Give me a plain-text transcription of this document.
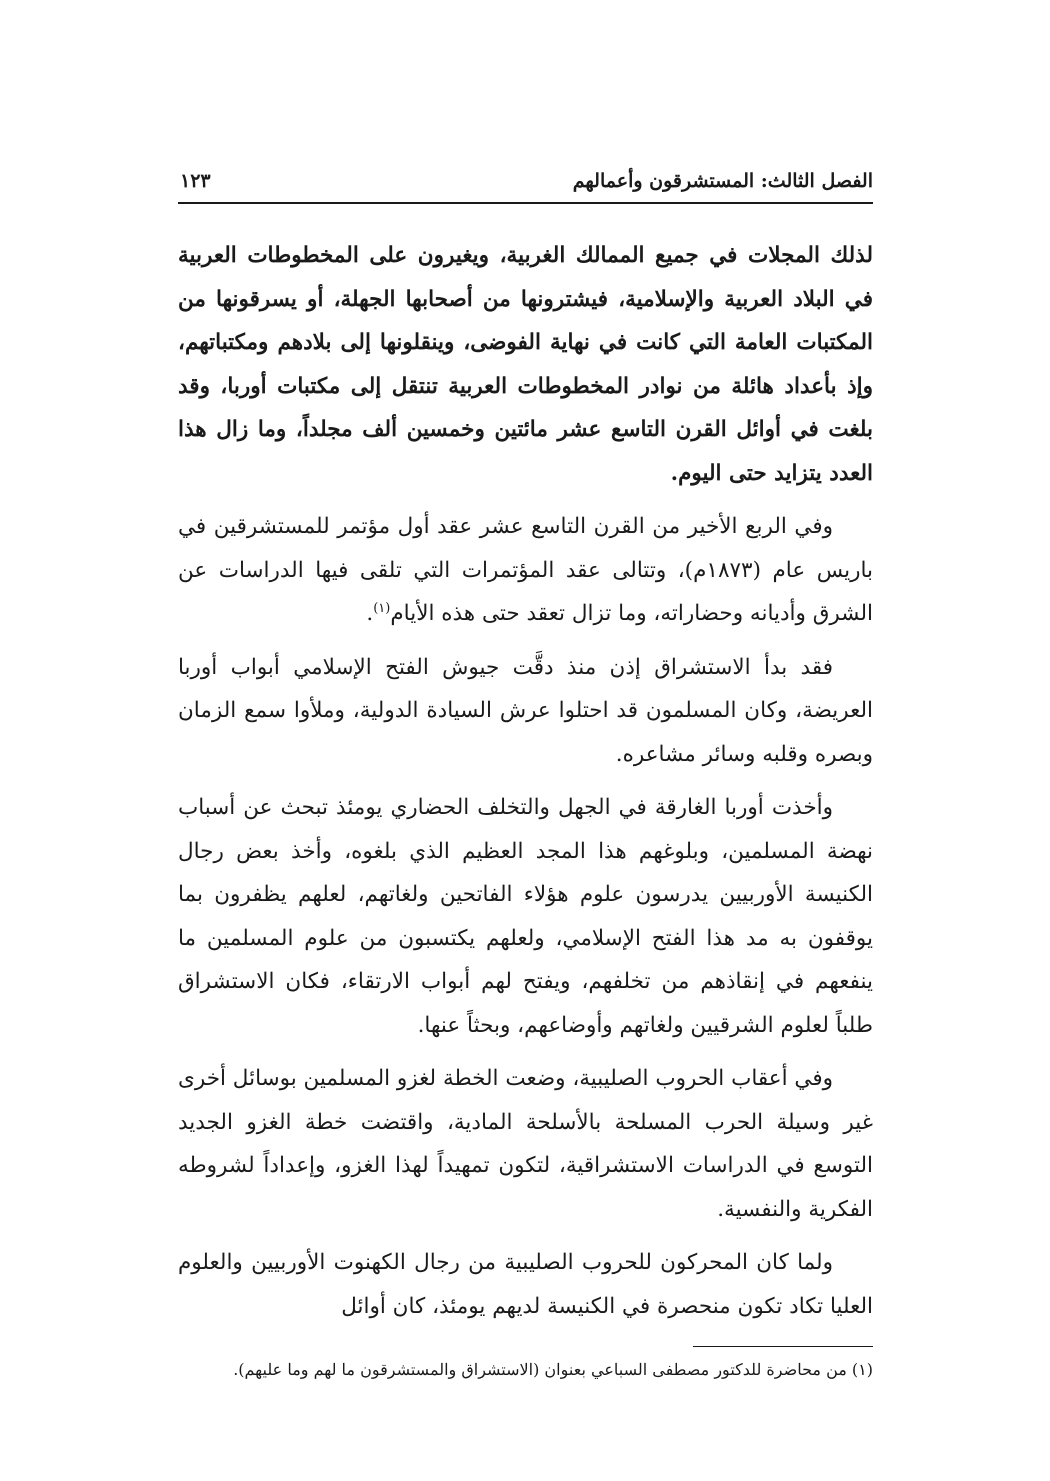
الفصل الثالث: المستشرقون وأعمالهم
١٢٣

لذلك المجلات في جميع الممالك الغربية، ويغيرون على المخطوطات العربية في البلاد العربية والإسلامية، فيشترونها من أصحابها الجهلة، أو يسرقونها من المكتبات العامة التي كانت في نهاية الفوضى، وينقلونها إلى بلادهم ومكتباتهم، وإذ بأعداد هائلة من نوادر المخطوطات العربية تنتقل إلى مكتبات أوربا، وقد بلغت في أوائل القرن التاسع عشر مائتين وخمسين ألف مجلداً، وما زال هذا العدد يتزايد حتى اليوم.

وفي الربع الأخير من القرن التاسع عشر عقد أول مؤتمر للمستشرقين في باريس عام (١٨٧٣م)، وتتالى عقد المؤتمرات التي تلقى فيها الدراسات عن الشرق وأديانه وحضاراته، وما تزال تعقد حتى هذه الأيام$^{(١)}$.

فقد بدأ الاستشراق إذن منذ دقَّت جيوش الفتح الإسلامي أبواب أوربا العريضة، وكان المسلمون قد احتلوا عرش السيادة الدولية، وملأوا سمع الزمان وبصره وقلبه وسائر مشاعره.

وأخذت أوربا الغارقة في الجهل والتخلف الحضاري يومئذ تبحث عن أسباب نهضة المسلمين، وبلوغهم هذا المجد العظيم الذي بلغوه، وأخذ بعض رجال الكنيسة الأوربيين يدرسون علوم هؤلاء الفاتحين ولغاتهم، لعلهم يظفرون بما يوقفون به مد هذا الفتح الإسلامي، ولعلهم يكتسبون من علوم المسلمين ما ينفعهم في إنقاذهم من تخلفهم، ويفتح لهم أبواب الارتقاء، فكان الاستشراق طلباً لعلوم الشرقيين ولغاتهم وأوضاعهم، وبحثاً عنها.

وفي أعقاب الحروب الصليبية، وضعت الخطة لغزو المسلمين بوسائل أخرى غير وسيلة الحرب المسلحة بالأسلحة المادية، واقتضت خطة الغزو الجديد التوسع في الدراسات الاستشراقية، لتكون تمهيداً لهذا الغزو، وإعداداً لشروطه الفكرية والنفسية.

ولما كان المحركون للحروب الصليبية من رجال الكهنوت الأوربيين والعلوم العليا تكاد تكون منحصرة في الكنيسة لديهم يومئذ، كان أوائل

(١) من محاضرة للدكتور مصطفى السباعي بعنوان (الاستشراق والمستشرقون ما لهم وما عليهم).
